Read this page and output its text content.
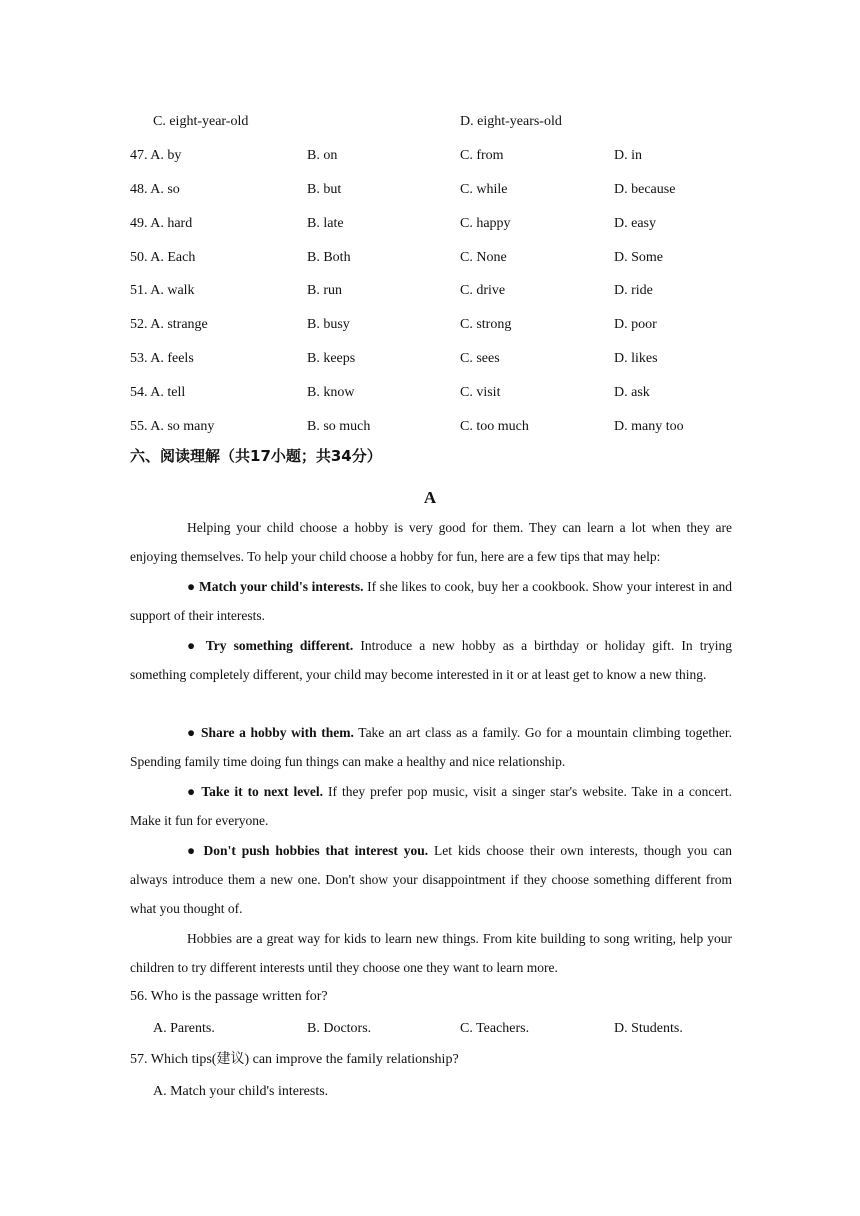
C. eight-year-old	D. eight-years-old
47. A. by	B. on	C. from	D. in
48. A. so	B. but	C. while	D. because
49. A. hard	B. late	C. happy	D. easy
50. A. Each	B. Both	C. None	D. Some
51. A. walk	B. run	C. drive	D. ride
52. A. strange	B. busy	C. strong	D. poor
53. A. feels	B. keeps	C. sees	D. likes
54. A. tell	B. know	C. visit	D. ask
55. A. so many	B. so much	C. too much	D. many too
六、阅读理解（共17小题；共34分）
A
Helping your child choose a hobby is very good for them. They can learn a lot when they are enjoying themselves. To help your child choose a hobby for fun, here are a few tips that may help:
● Match your child's interests. If she likes to cook, buy her a cookbook. Show your interest in and support of their interests.
● Try something different. Introduce a new hobby as a birthday or holiday gift. In trying something completely different, your child may become interested in it or at least get to know a new thing.
● Share a hobby with them. Take an art class as a family. Go for a mountain climbing together. Spending family time doing fun things can make a healthy and nice relationship.
● Take it to next level. If they prefer pop music, visit a singer star's website. Take in a concert. Make it fun for everyone.
● Don't push hobbies that interest you. Let kids choose their own interests, though you can always introduce them a new one. Don't show your disappointment if they choose something different from what you thought of.
Hobbies are a great way for kids to learn new things. From kite building to song writing, help your children to try different interests until they choose one they want to learn more.
56. Who is the passage written for?
A. Parents.	B. Doctors.	C. Teachers.	D. Students.
57. Which tips(建议) can improve the family relationship?
A. Match your child's interests.
